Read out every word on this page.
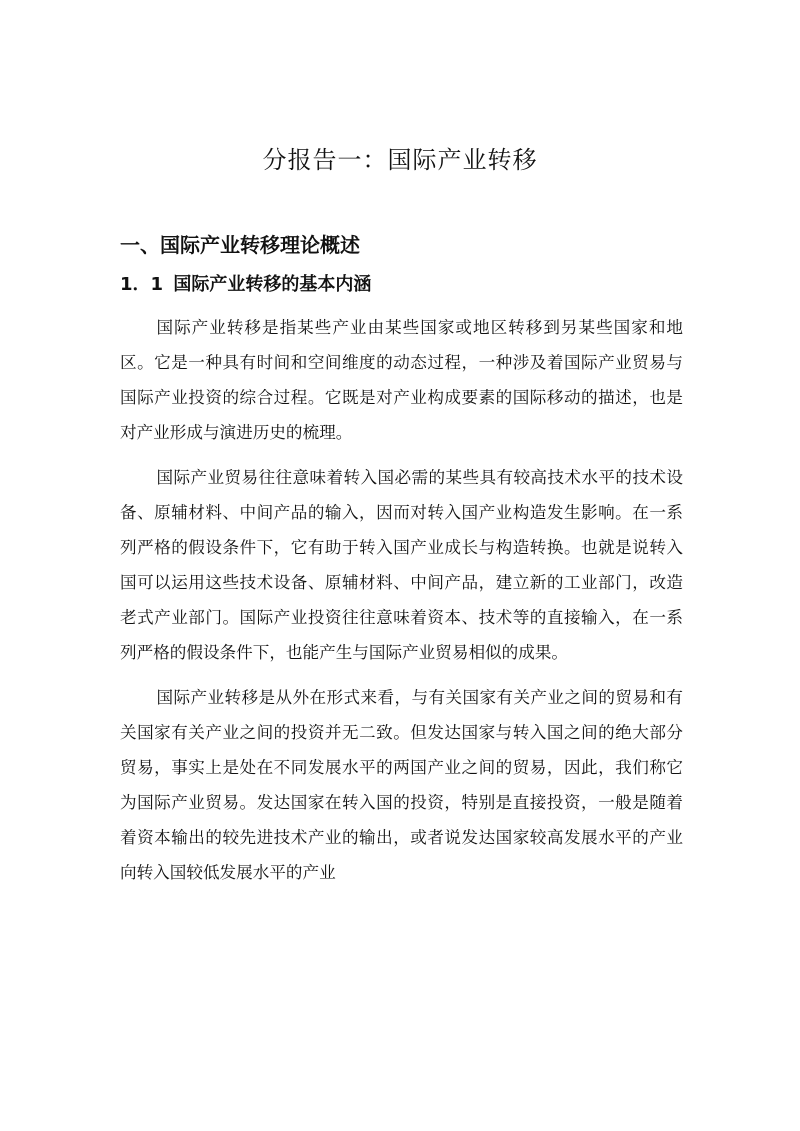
分报告一：国际产业转移
一、国际产业转移理论概述
1．1 国际产业转移的基本内涵

国际产业转移是指某些产业由某些国家或地区转移到另某些国家和地区。它是一种具有时间和空间维度的动态过程，一种涉及着国际产业贸易与国际产业投资的综合过程。它既是对产业构成要素的国际移动的描述，也是对产业形成与演进历史的梳理。

国际产业贸易往往意味着转入国必需的某些具有较高技术水平的技术设备、原辅材料、中间产品的输入，因而对转入国产业构造发生影响。在一系列严格的假设条件下，它有助于转入国产业成长与构造转换。也就是说转入国可以运用这些技术设备、原辅材料、中间产品，建立新的工业部门，改造老式产业部门。国际产业投资往往意味着资本、技术等的直接输入，在一系列严格的假设条件下，也能产生与国际产业贸易相似的成果。

国际产业转移是从外在形式来看，与有关国家有关产业之间的贸易和有关国家有关产业之间的投资并无二致。但发达国家与转入国之间的绝大部分贸易，事实上是处在不同发展水平的两国产业之间的贸易，因此，我们称它为国际产业贸易。发达国家在转入国的投资，特别是直接投资，一般是随着着资本输出的较先进技术产业的输出，或者说发达国家较高发展水平的产业向转入国较低发展水平的产业
